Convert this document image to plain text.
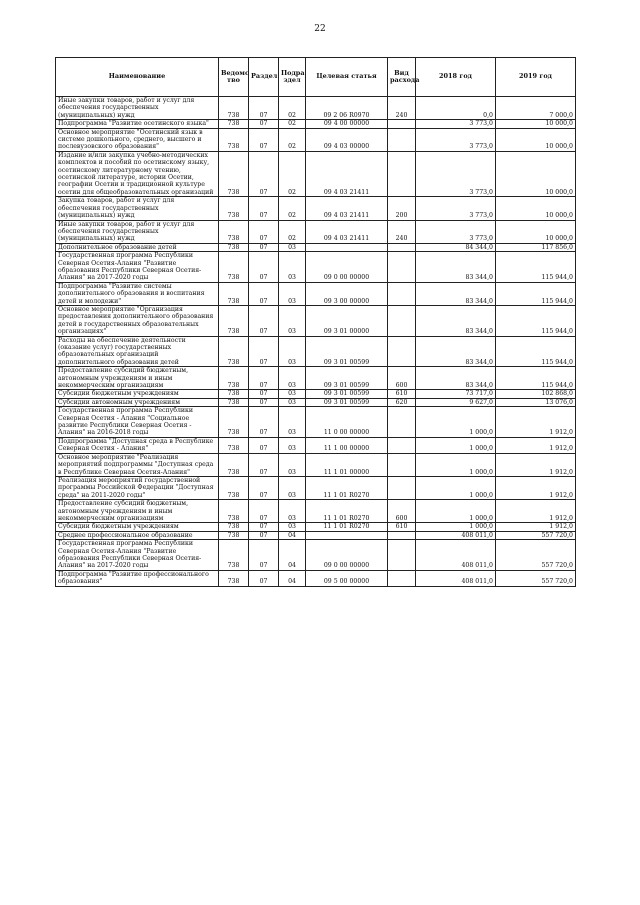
22
Наименование	Ведомс тво	Раздел	Подра здел	Целевая статья	Вид расхода	2018 год	2019 год
Иные закупки товаров, работ и услуг для обеспечения государственных (муниципальных) нужд	738	07	02	09 2 06 R0970	240	0,0	7 000,0
Подпрограмма "Развитие осетинского языка"	738	07	02	09 4 00 00000		3 773,0	10 000,0
Основное мероприятие "Осетинский язык в системе дошкольного, среднего, высшего и послевузовского образования"	738	07	02	09 4 03 00000		3 773,0	10 000,0
Издание и/или закупка учебно-методических комплектов и пособий по осетинскому языку, осетинскому литературному чтению, осетинской литературе, истории Осетии, географии Осетии и традиционной культуре осетин для общеобразовательных организаций	738	07	02	09 4 03 21411		3 773,0	10 000,0
Закупка товаров, работ и услуг для обеспечения государственных (муниципальных) нужд	738	07	02	09 4 03 21411	200	3 773,0	10 000,0
Иные закупки товаров, работ и услуг для обеспечения государственных (муниципальных) нужд	738	07	02	09 4 03 21411	240	3 773,0	10 000,0
Дополнительное образование детей	738	07	03			84 344,0	117 856,0
Государственная программа Республики Северная Осетия-Алания "Развитие образования Республики Северная Осетия-Алания" на 2017-2020 годы	738	07	03	09 0 00 00000		83 344,0	115 944,0
Подпрограмма "Развитие системы дополнительного образования и воспитания детей и молодежи"	738	07	03	09 3 00 00000		83 344,0	115 944,0
Основное мероприятие "Организация предоставления дополнительного образования детей в государственных образовательных организациях"	738	07	03	09 3 01 00000		83 344,0	115 944,0
Расходы на обеспечение деятельности (оказание услуг) государственных образовательных организаций дополнительного образования детей	738	07	03	09 3 01 00599		83 344,0	115 944,0
Предоставление субсидий бюджетным, автономным учреждениям и иным некоммерческим организациям	738	07	03	09 3 01 00599	600	83 344,0	115 944,0
Субсидии бюджетным учреждениям	738	07	03	09 3 01 00599	610	73 717,0	102 868,0
Субсидии автономным учреждениям	738	07	03	09 3 01 00599	620	9 627,0	13 076,0
Государственная программа Республики Северная Осетия - Алания "Социальное развитие Республики Северная Осетия - Алания" на 2016-2018 годы	738	07	03	11 0 00 00000		1 000,0	1 912,0
Подпрограмма "Доступная среда в Республике Северная Осетия - Алания"	738	07	03	11 1 00 00000		1 000,0	1 912,0
Основное мероприятие "Реализация мероприятий подпрограммы "Доступная среда в Республике Северная Осетия-Алания"	738	07	03	11 1 01 00000		1 000,0	1 912,0
Реализация мероприятий государственной программы Российской Федерации "Доступная среда" на 2011-2020 годы"	738	07	03	11 1 01 R0270		1 000,0	1 912,0
Предоставление субсидий бюджетным, автономным учреждениям и иным некоммерческим организациям	738	07	03	11 1 01 R0270	600	1 000,0	1 912,0
Субсидии бюджетным учреждениям	738	07	03	11 1 01 R0270	610	1 000,0	1 912,0
Среднее профессиональное образование	738	07	04			408 011,0	557 720,0
Государственная программа Республики Северная Осетия-Алания "Развитие образования Республики Северная Осетия-Алания" на 2017-2020 годы	738	07	04	09 0 00 00000		408 011,0	557 720,0
Подпрограмма "Развитие профессионального образования"	738	07	04	09 5 00 00000		408 011,0	557 720,0
